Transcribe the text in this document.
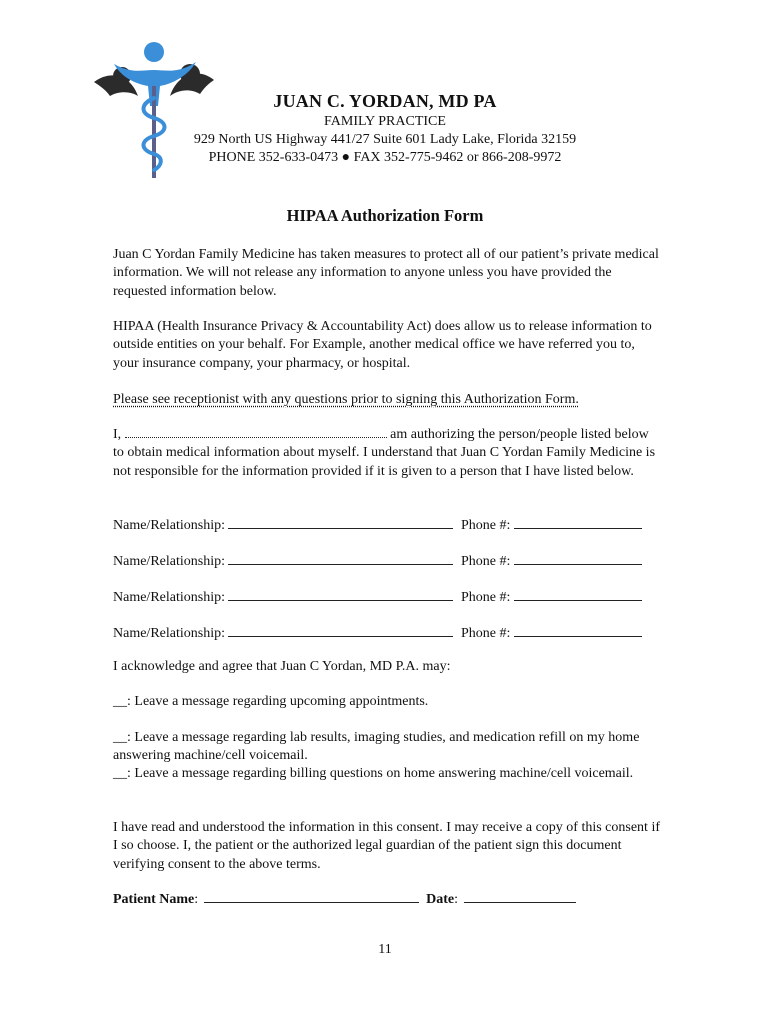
JUAN C. YORDAN, MD PA
FAMILY PRACTICE
929 North US Highway 441/27 Suite 601 Lady Lake, Florida 32159
PHONE 352-633-0473 ● FAX 352-775-9462 or 866-208-9972
HIPAA Authorization Form
Juan C Yordan Family Medicine has taken measures to protect all of our patient’s private medical information. We will not release any information to anyone unless you have provided the requested information below.
HIPAA (Health Insurance Privacy & Accountability Act) does allow us to release information to outside entities on your behalf. For Example, another medical office we have referred you to, your insurance company, your pharmacy, or hospital.
Please see receptionist with any questions prior to signing this Authorization Form.
I,	am authorizing the person/people listed below to obtain medical information about myself. I understand that Juan C Yordan Family Medicine is not responsible for the information provided if it is given to a person that I have listed below.
Name/Relationship:	Phone #:
Name/Relationship:	Phone #:
Name/Relationship:	Phone #:
Name/Relationship:	Phone #:
I acknowledge and agree that Juan C Yordan, MD P.A. may:
__: Leave a message regarding upcoming appointments.
__: Leave a message regarding lab results, imaging studies, and medication refill on my home answering machine/cell voicemail.
__: Leave a message regarding billing questions on home answering machine/cell voicemail.
I have read and understood the information in this consent. I may receive a copy of this consent if I so choose. I, the patient or the authorized legal guardian of the patient sign this document verifying consent to the above terms.
Patient Name:	Date:
11
